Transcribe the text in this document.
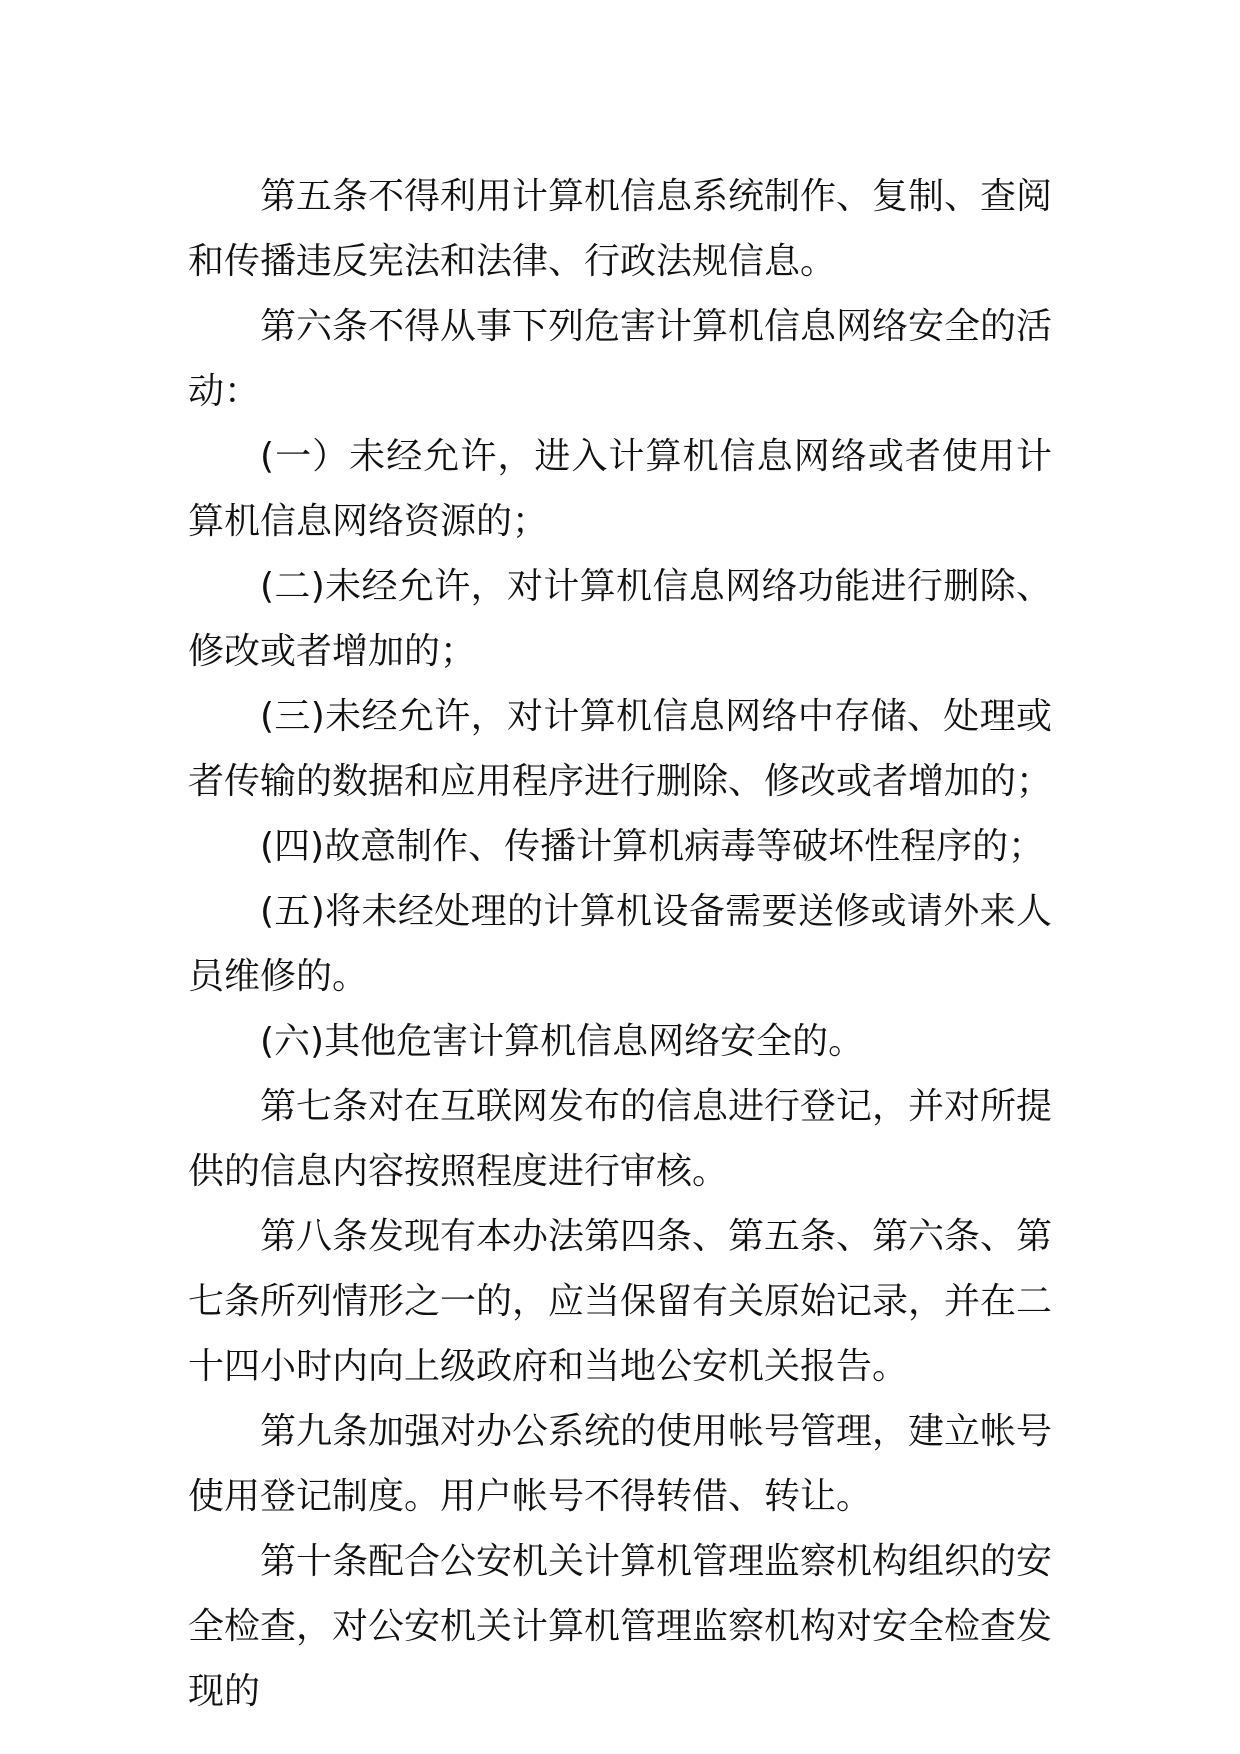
第五条不得利用计算机信息系统制作、复制、查阅和传播违反宪法和法律、行政法规信息。

第六条不得从事下列危害计算机信息网络安全的活动：

(一）未经允许，进入计算机信息网络或者使用计算机信息网络资源的；

(二)未经允许，对计算机信息网络功能进行删除、修改或者增加的；

(三)未经允许，对计算机信息网络中存储、处理或者传输的数据和应用程序进行删除、修改或者增加的；

(四)故意制作、传播计算机病毒等破坏性程序的；

(五)将未经处理的计算机设备需要送修或请外来人员维修的。

(六)其他危害计算机信息网络安全的。

第七条对在互联网发布的信息进行登记，并对所提供的信息内容按照程度进行审核。

第八条发现有本办法第四条、第五条、第六条、第七条所列情形之一的，应当保留有关原始记录，并在二十四小时内向上级政府和当地公安机关报告。

第九条加强对办公系统的使用帐号管理，建立帐号使用登记制度。用户帐号不得转借、转让。

第十条配合公安机关计算机管理监察机构组织的安全检查，对公安机关计算机管理监察机构对安全检查发现的
